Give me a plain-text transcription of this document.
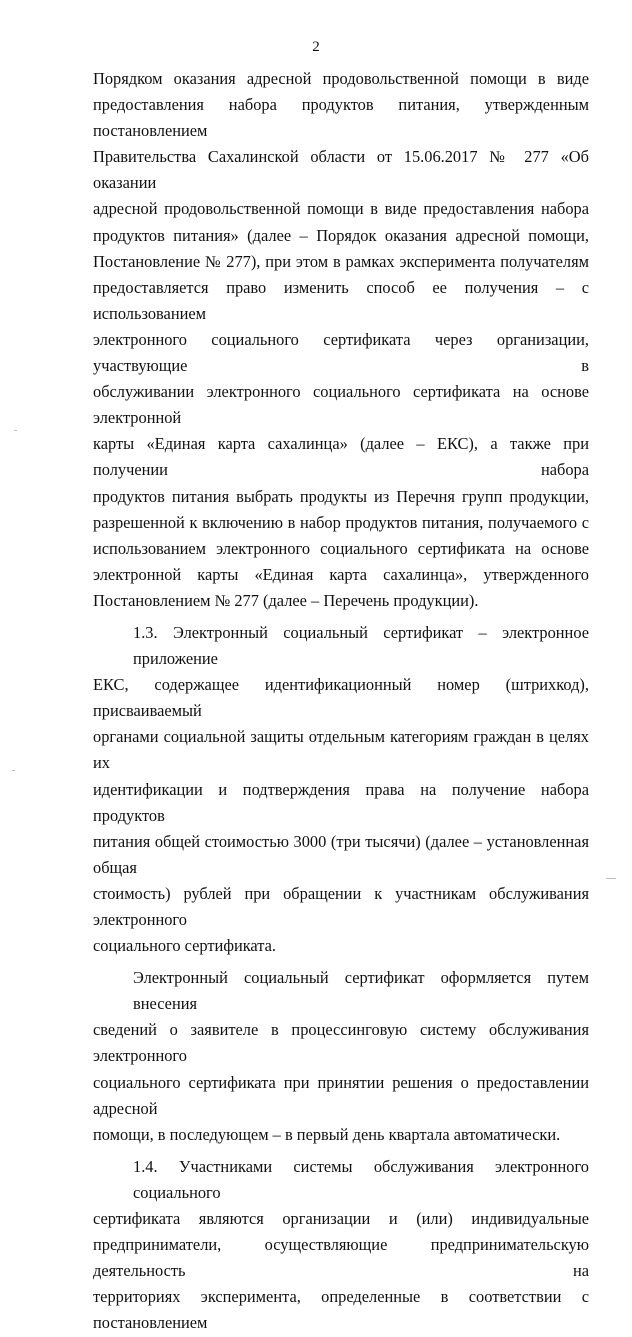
2

Порядком оказания адресной продовольственной помощи в виде
предоставления набора продуктов питания, утвержденным постановлением
Правительства Сахалинской области от 15.06.2017 № 277 «Об оказании
адресной продовольственной помощи в виде предоставления набора
продуктов питания» (далее – Порядок оказания адресной помощи,
Постановление № 277), при этом в рамках эксперимента получателям
предоставляется право изменить способ ее получения – с использованием
электронного социального сертификата через организации, участвующие в
обслуживании электронного социального сертификата на основе электронной
карты «Единая карта сахалинца» (далее – ЕКС), а также при получении набора
продуктов питания выбрать продукты из Перечня групп продукции,
разрешенной к включению в набор продуктов питания, получаемого с
использованием электронного социального сертификата на основе
электронной карты «Единая карта сахалинца», утвержденного
Постановлением № 277 (далее – Перечень продукции).

1.3. Электронный социальный сертификат – электронное приложение
ЕКС, содержащее идентификационный номер (штрихкод), присваиваемый
органами социальной защиты отдельным категориям граждан в целях их
идентификации и подтверждения права на получение набора продуктов
питания общей стоимостью 3000 (три тысячи) (далее – установленная общая
стоимость) рублей при обращении к участникам обслуживания электронного
социального сертификата.

Электронный социальный сертификат оформляется путем внесения
сведений о заявителе в процессинговую систему обслуживания электронного
социального сертификата при принятии решения о предоставлении адресной
помощи, в последующем – в первый день квартала автоматически.

1.4. Участниками системы обслуживания электронного социального
сертификата являются организации и (или) индивидуальные
предприниматели, осуществляющие предпринимательскую деятельность на
территориях эксперимента, определенные в соответствии с постановлением
